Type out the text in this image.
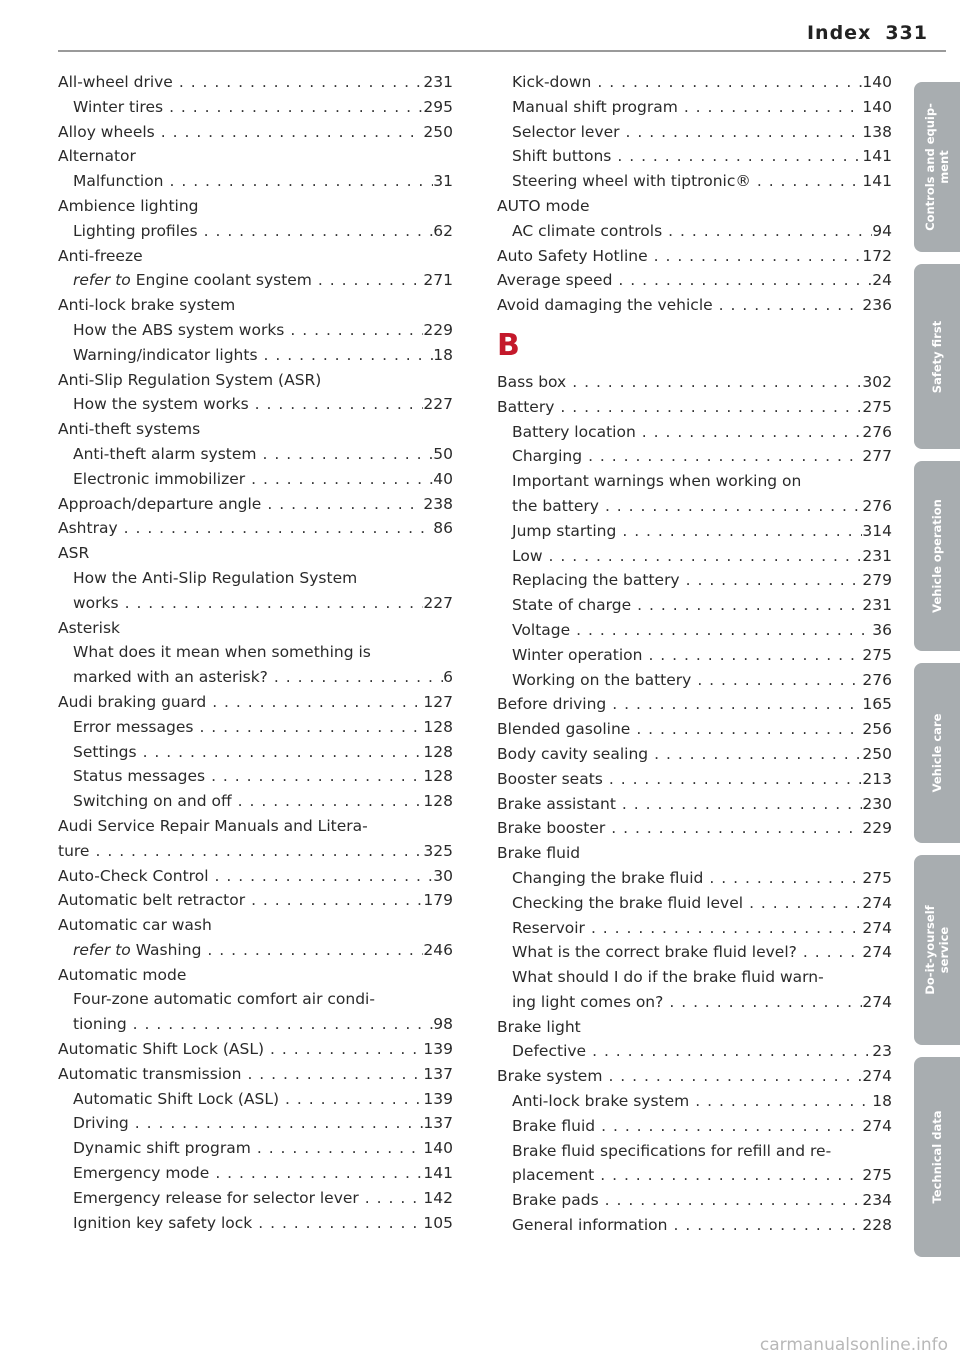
Index 331
All-wheel drive . . .	231
Winter tires . . .	295
Alloy wheels . . .	250
Alternator
Malfunction . . .	31
Ambience lighting
Lighting profiles . . .	62
Anti-freeze
refer to Engine coolant system . . .	271
Anti-lock brake system
How the ABS system works . . .	229
Warning/indicator lights . . .	18
Anti-Slip Regulation System (ASR)
How the system works . . .	227
Anti-theft systems
Anti-theft alarm system . . .	50
Electronic immobilizer . . .	40
Approach/departure angle . . .	238
Ashtray . . .	86
ASR
How the Anti-Slip Regulation System
works . . .	227
Asterisk
What does it mean when something is
marked with an asterisk? . . .	6
Audi braking guard . . .	127
Error messages . . .	128
Settings . . .	128
Status messages . . .	128
Switching on and off . . .	128
Audi Service Repair Manuals and Litera-
ture . . .	325
Auto-Check Control . . .	30
Automatic belt retractor . . .	179
Automatic car wash
refer to Washing . . .	246
Automatic mode
Four-zone automatic comfort air condi-
tioning . . .	98
Automatic Shift Lock (ASL) . . .	139
Automatic transmission . . .	137
Automatic Shift Lock (ASL) . . .	139
Driving . . .	137
Dynamic shift program . . .	140
Emergency mode . . .	141
Emergency release for selector lever . . .	142
Ignition key safety lock . . .	105
Kick-down . . .	140
Manual shift program . . .	140
Selector lever . . .	138
Shift buttons . . .	141
Steering wheel with tiptronic® . . .	141
AUTO mode
AC climate controls . . .	94
Auto Safety Hotline . . .	172
Average speed . . .	24
Avoid damaging the vehicle . . .	236
B
Bass box . . .	302
Battery . . .	275
Battery location . . .	276
Charging . . .	277
Important warnings when working on
the battery . . .	276
Jump starting . . .	314
Low . . .	231
Replacing the battery . . .	279
State of charge . . .	231
Voltage . . .	36
Winter operation . . .	275
Working on the battery . . .	276
Before driving . . .	165
Blended gasoline . . .	256
Body cavity sealing . . .	250
Booster seats . . .	213
Brake assistant . . .	230
Brake booster . . .	229
Brake fluid
Changing the brake fluid . . .	275
Checking the brake fluid level . . .	274
Reservoir . . .	274
What is the correct brake fluid level? . . .	274
What should I do if the brake fluid warn-
ing light comes on? . . .	274
Brake light
Defective . . .	23
Brake system . . .	274
Anti-lock brake system . . .	18
Brake fluid . . .	274
Brake fluid specifications for refill and re-
placement . . .	275
Brake pads . . .	234
General information . . .	228
Controls and equip- ment
Safety first
Vehicle operation
Vehicle care
Do-it-yourself service
Technical data
carmanualsonline.info
